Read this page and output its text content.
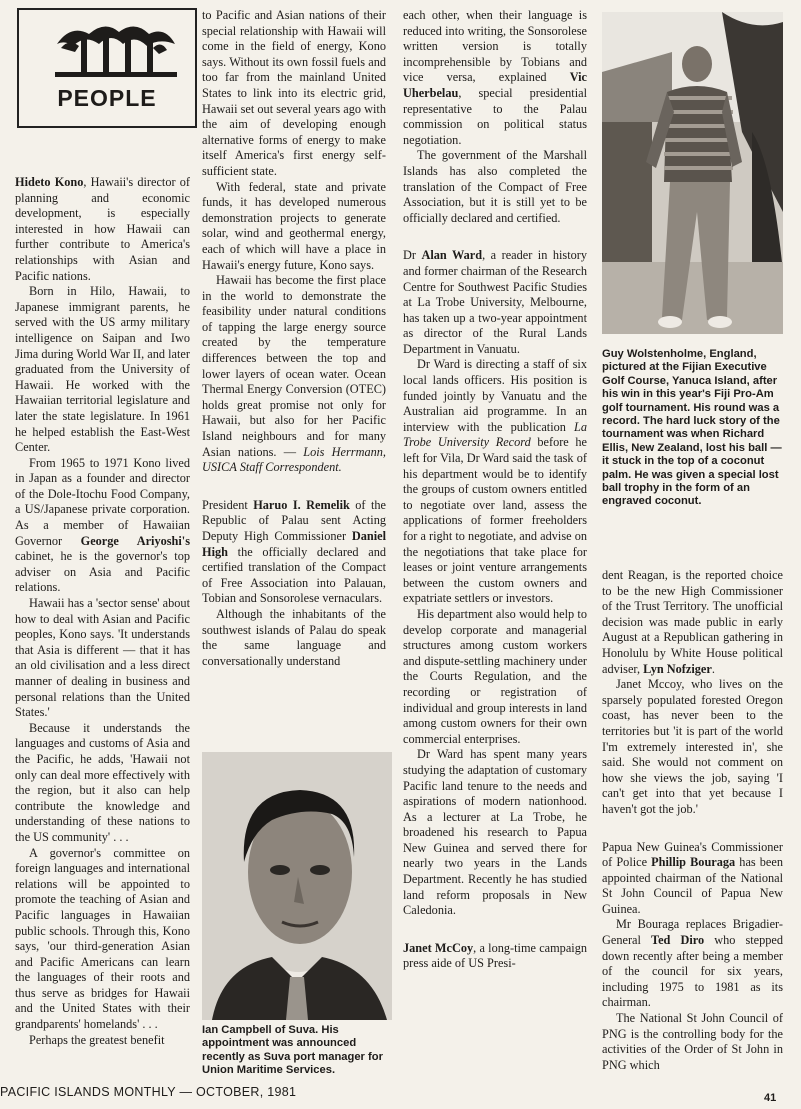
PEOPLE

Hideto Kono, Hawaii's director of planning and economic development, is especially interested in how Hawaii can further contribute to America's relationships with Asian and Pacific nations.

Born in Hilo, Hawaii, to Japanese immigrant parents, he served with the US army military intelligence on Saipan and Iwo Jima during World War II, and later graduated from the University of Hawaii. He worked with the Hawaiian territorial legislature and later the state legislature. In 1961 he helped establish the East-West Center.

From 1965 to 1971 Kono lived in Japan as a founder and director of the Dole-Itochu Food Company, a US/Japanese private corporation. As a member of Hawaiian Governor George Ariyoshi's cabinet, he is the governor's top adviser on Asia and Pacific relations.

Hawaii has a 'sector sense' about how to deal with Asian and Pacific peoples, Kono says. 'It understands that Asia is different — that it has an old civilisation and a less direct manner of dealing in business and personal relations than the United States.'

Because it understands the languages and customs of Asia and the Pacific, he adds, 'Hawaii not only can deal more effectively with the region, but it also can help contribute the knowledge and understanding of these nations to the US community' . . .

A governor's committee on foreign languages and international relations will be appointed to promote the teaching of Asian and Pacific languages in Hawaiian public schools. Through this, Kono says, 'our third-generation Asian and Pacific Americans can learn the languages of their roots and thus serve as bridges for Hawaii and the United States with their grandparents' homelands' . . .

Perhaps the greatest benefit

to Pacific and Asian nations of their special relationship with Hawaii will come in the field of energy, Kono says. Without its own fossil fuels and too far from the mainland United States to link into its electric grid, Hawaii set out several years ago with the aim of developing enough alternative forms of energy to make itself America's first energy self-sufficient state.

With federal, state and private funds, it has developed numerous demonstration projects to generate solar, wind and geothermal energy, each of which will have a place in Hawaii's energy future, Kono says.

Hawaii has become the first place in the world to demonstrate the feasibility under natural conditions of tapping the large energy source created by the temperature differences between the top and lower layers of ocean water. Ocean Thermal Energy Conversion (OTEC) holds great promise not only for Hawaii, but also for her Pacific Island neighbours and for many Asian nations. — Lois Herrmann, USICA Staff Correspondent.

President Haruo I. Remelik of the Republic of Palau sent Acting Deputy High Commissioner Daniel High the officially declared and certified translation of the Compact of Free Association into Palauan, Tobian and Sonsorolese vernaculars.

Although the inhabitants of the southwest islands of Palau do speak the same language and conversationally understand

Ian Campbell of Suva. His appointment was announced recently as Suva port manager for Union Maritime Services.

each other, when their language is reduced into writing, the Sonsorolese written version is totally incomprehensible by Tobians and vice versa, explained Vic Uherbelau, special presidential representative to the Palau commission on political status negotiation.

The government of the Marshall Islands has also completed the translation of the Compact of Free Association, but it is still yet to be officially declared and certified.

Dr Alan Ward, a reader in history and former chairman of the Research Centre for Southwest Pacific Studies at La Trobe University, Melbourne, has taken up a two-year appointment as director of the Rural Lands Department in Vanuatu.

Dr Ward is directing a staff of six local lands officers. His position is funded jointly by Vanuatu and the Australian aid programme. In an interview with the publication La Trobe University Record before he left for Vila, Dr Ward said the task of his department would be to identify the groups of custom owners entitled to negotiate over land, assess the applications of former freeholders for a right to negotiate, and advise on the negotiations that take place for leases or joint venture arrangements between the custom owners and expatriate settlers or investors.

His department also would help to develop corporate and managerial structures among custom workers and dispute-settling machinery under the Courts Regulation, and the recording or registration of individual and group interests in land among custom owners for their own commercial enterprises.

Dr Ward has spent many years studying the adaptation of customary Pacific land tenure to the needs and aspirations of modern nationhood. As a lecturer at La Trobe, he broadened his research to Papua New Guinea and served there for nearly two years in the Lands Department. Recently he has studied land reform proposals in New Caledonia.

Janet McCoy, a long-time campaign press aide of US Presi-

Guy Wolstenholme, England, pictured at the Fijian Executive Golf Course, Yanuca Island, after his win in this year's Fiji Pro-Am golf tournament. His round was a record. The hard luck story of the tournament was when Richard Ellis, New Zealand, lost his ball — it stuck in the top of a coconut palm. He was given a special lost ball trophy in the form of an engraved coconut.

dent Reagan, is the reported choice to be the new High Commissioner of the Trust Territory. The unofficial decision was made public in early August at a Republican gathering in Honolulu by White House political adviser, Lyn Nofziger.

Janet Mccoy, who lives on the sparsely populated forested Oregon coast, has never been to the territories but 'it is part of the world I'm extremely interested in', she said. She would not comment on how she views the job, saying 'I can't get into that yet because I haven't got the job.'

Papua New Guinea's Commissioner of Police Phillip Bouraga has been appointed chairman of the National St John Council of Papua New Guinea.

Mr Bouraga replaces Brigadier-General Ted Diro who stepped down recently after being a member of the council for six years, including 1975 to 1981 as its chairman.

The National St John Council of PNG is the controlling body for the activities of the Order of St John in PNG which

PACIFIC ISLANDS MONTHLY — OCTOBER, 1981	41
